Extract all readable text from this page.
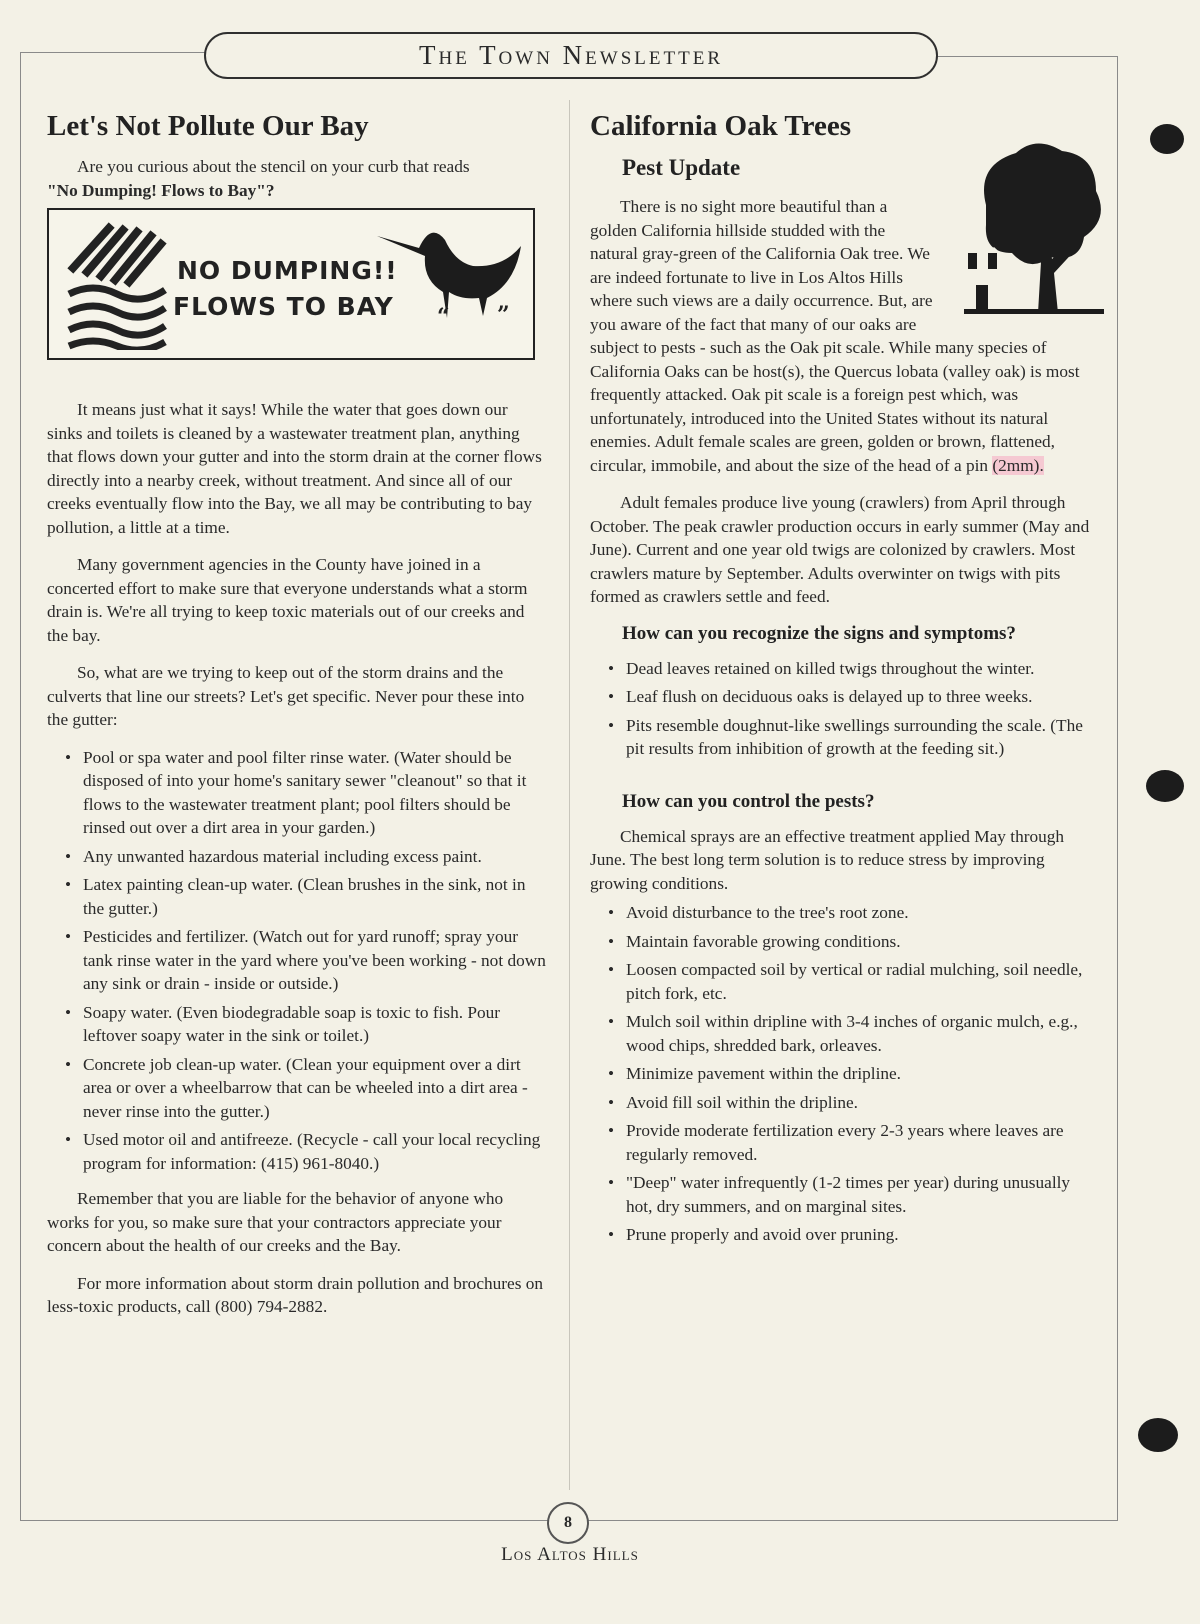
The Town Newsletter
Let's Not Pollute Our Bay

Are you curious about the stencil on your curb that reads
"No Dumping! Flows to Bay"?

NO DUMPING!!
FLOWS TO BAY “ ”

It means just what it says! While the water that goes down our sinks and toilets is cleaned by a wastewater treatment plan, anything that flows down your gutter and into the storm drain at the corner flows directly into a nearby creek, without treatment. And since all of our creeks eventually flow into the Bay, we all may be contributing to bay pollution, a little at a time.

Many government agencies in the County have joined in a concerted effort to make sure that everyone understands what a storm drain is. We're all trying to keep toxic materials out of our creeks and the bay.

So, what are we trying to keep out of the storm drains and the culverts that line our streets? Let's get specific. Never pour these into the gutter:

• Pool or spa water and pool filter rinse water. (Water should be disposed of into your home's sanitary sewer "cleanout" so that it flows to the wastewater treatment plant; pool filters should be rinsed out over a dirt area in your garden.)
• Any unwanted hazardous material including excess paint.
• Latex painting clean-up water. (Clean brushes in the sink, not in the gutter.)
• Pesticides and fertilizer. (Watch out for yard runoff; spray your tank rinse water in the yard where you've been working - not down any sink or drain - inside or outside.)
• Soapy water. (Even biodegradable soap is toxic to fish. Pour leftover soapy water in the sink or toilet.)
• Concrete job clean-up water. (Clean your equipment over a dirt area or over a wheelbarrow that can be wheeled into a dirt area - never rinse into the gutter.)
• Used motor oil and antifreeze. (Recycle - call your local recycling program for information: (415) 961-8040.)

Remember that you are liable for the behavior of anyone who works for you, so make sure that your contractors appreciate your concern about the health of our creeks and the Bay.

For more information about storm drain pollution and brochures on less-toxic products, call (800) 794-2882.

California Oak Trees
Pest Update

There is no sight more beautiful than a golden California hillside studded with the natural gray-green of the California Oak tree. We are indeed fortunate to live in Los Altos Hills where such views are a daily occurrence. But, are you aware of the fact that many of our oaks are subject to pests - such as the Oak pit scale. While many species of California Oaks can be host(s), the Quercus lobata (valley oak) is most frequently attacked. Oak pit scale is a foreign pest which, was unfortunately, introduced into the United States without its natural enemies. Adult female scales are green, golden or brown, flattened, circular, immobile, and about the size of the head of a pin (2mm).

Adult females produce live young (crawlers) from April through October. The peak crawler production occurs in early summer (May and June). Current and one year old twigs are colonized by crawlers. Most crawlers mature by September. Adults overwinter on twigs with pits formed as crawlers settle and feed.

How can you recognize the signs and symptoms?
• Dead leaves retained on killed twigs throughout the winter.
• Leaf flush on deciduous oaks is delayed up to three weeks.
• Pits resemble doughnut-like swellings surrounding the scale. (The pit results from inhibition of growth at the feeding sit.)
How can you control the pests?

Chemical sprays are an effective treatment applied May through June. The best long term solution is to reduce stress by improving growing conditions.

• Avoid disturbance to the tree's root zone.
• Maintain favorable growing conditions.
• Loosen compacted soil by vertical or radial mulching, soil needle, pitch fork, etc.
• Mulch soil within dripline with 3-4 inches of organic mulch, e.g., wood chips, shredded bark, orleaves.
• Minimize pavement within the dripline.
• Avoid fill soil within the dripline.
• Provide moderate fertilization every 2-3 years where leaves are regularly removed.
• "Deep" water infrequently (1-2 times per year) during unusually hot, dry summers, and on marginal sites.
• Prune properly and avoid over pruning.
8
Los Altos Hills
